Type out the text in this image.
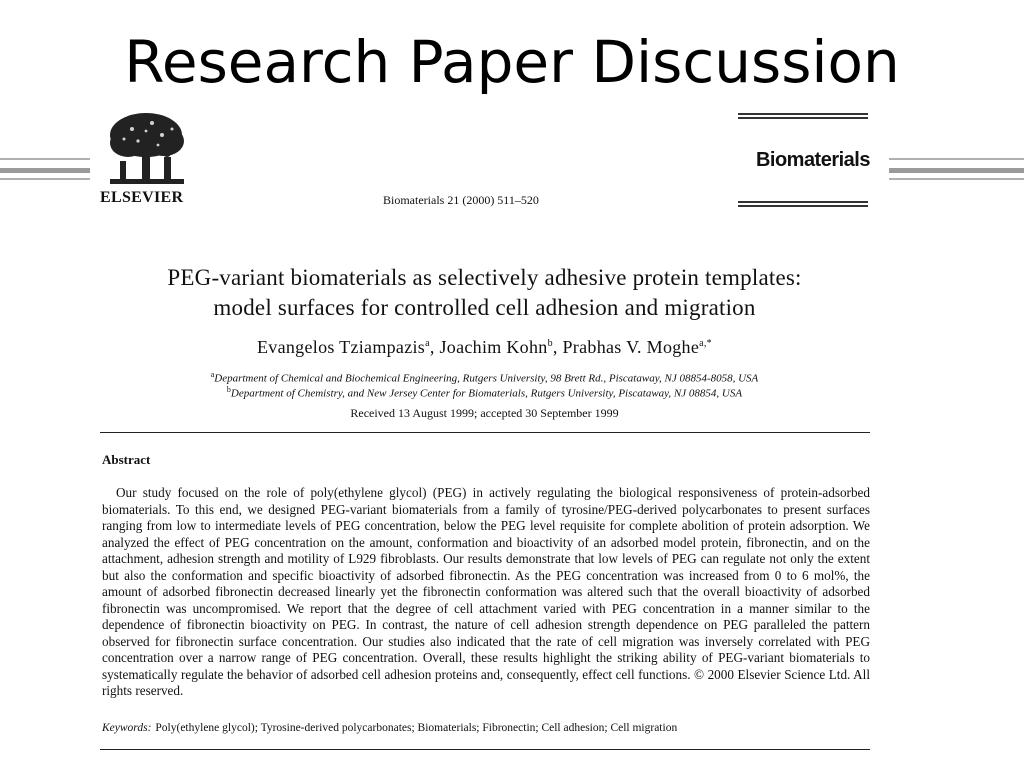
Research Paper Discussion
ELSEVIER	Biomaterials 21 (2000) 511–520
Biomaterials
PEG-variant biomaterials as selectively adhesive protein templates:
model surfaces for controlled cell adhesion and migration
Evangelos Tziampazis$^a$, Joachim Kohn$^b$, Prabhas V. Moghe$^{a,*}$
$^a$Department of Chemical and Biochemical Engineering, Rutgers University, 98 Brett Rd., Piscataway, NJ 08854-8058, USA
$^b$Department of Chemistry, and New Jersey Center for Biomaterials, Rutgers University, Piscataway, NJ 08854, USA
Received 13 August 1999; accepted 30 September 1999
Abstract

Our study focused on the role of poly(ethylene glycol) (PEG) in actively regulating the biological responsiveness of protein-adsorbed biomaterials. To this end, we designed PEG-variant biomaterials from a family of tyrosine/PEG-derived polycarbonates to present surfaces ranging from low to intermediate levels of PEG concentration, below the PEG level requisite for complete abolition of protein adsorption. We analyzed the effect of PEG concentration on the amount, conformation and bioactivity of an adsorbed model protein, fibronectin, and on the attachment, adhesion strength and motility of L929 fibroblasts. Our results demonstrate that low levels of PEG can regulate not only the extent but also the conformation and specific bioactivity of adsorbed fibronectin. As the PEG concentration was increased from 0 to 6 mol%, the amount of adsorbed fibronectin decreased linearly yet the fibronectin conformation was altered such that the overall bioactivity of adsorbed fibronectin was uncompromised. We report that the degree of cell attachment varied with PEG concentration in a manner similar to the dependence of fibronectin bioactivity on PEG. In contrast, the nature of cell adhesion strength dependence on PEG paralleled the pattern observed for fibronectin surface concentration. Our studies also indicated that the rate of cell migration was inversely correlated with PEG concentration over a narrow range of PEG concentration. Overall, these results highlight the striking ability of PEG-variant biomaterials to systematically regulate the behavior of adsorbed cell adhesion proteins and, consequently, effect cell functions. © 2000 Elsevier Science Ltd. All rights reserved.

Keywords: Poly(ethylene glycol); Tyrosine-derived polycarbonates; Biomaterials; Fibronectin; Cell adhesion; Cell migration
